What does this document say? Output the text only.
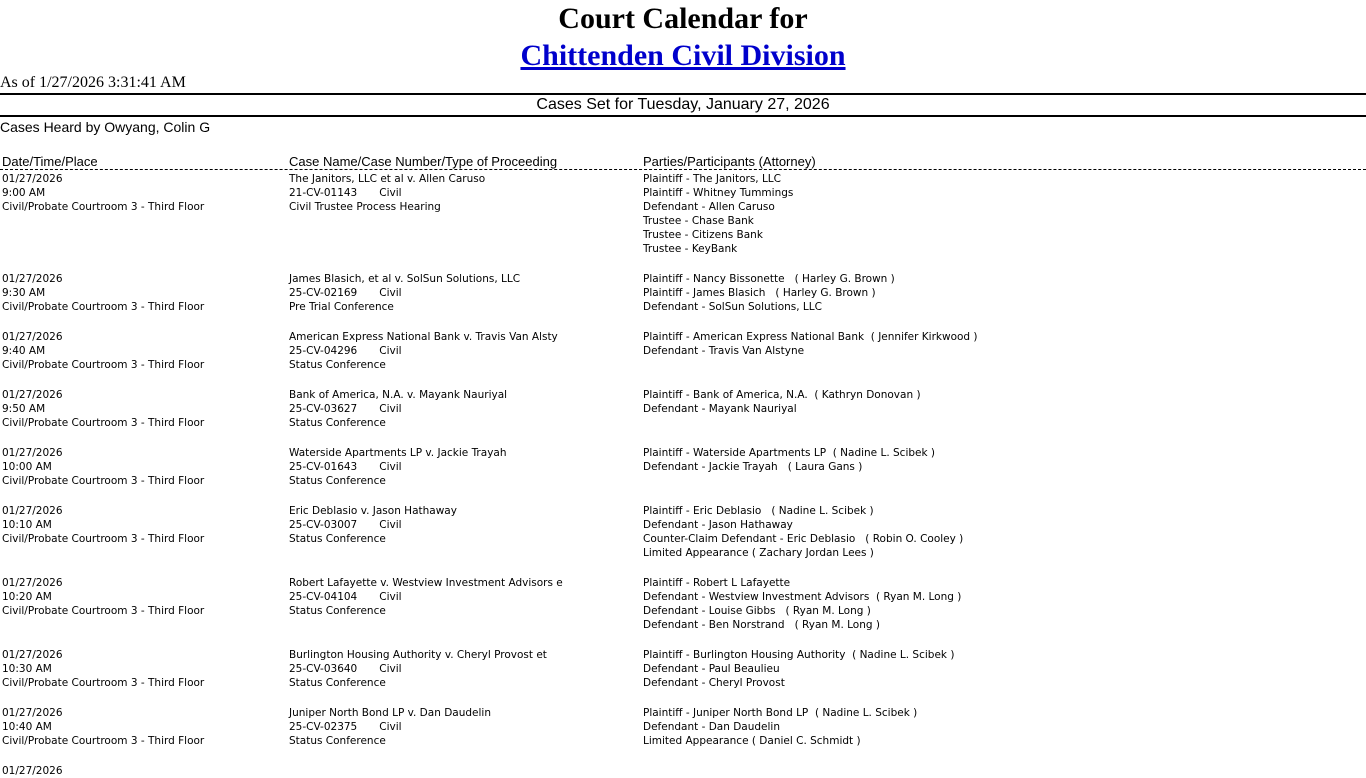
Court Calendar for
Chittenden Civil Division
As of 1/27/2026 3:31:41 AM
Cases Set for Tuesday, January 27, 2026
Cases Heard by Owyang, Colin G
Date/Time/Place	Case Name/Case Number/Type of Proceeding	Parties/Participants (Attorney)
01/27/2026
9:00 AM
Civil/Probate Courtroom 3 - Third Floor
The Janitors, LLC et al v. Allen Caruso
21-CV-01143 Civil
Civil Trustee Process Hearing
Plaintiff - The Janitors, LLC
Plaintiff - Whitney Tummings
Defendant - Allen Caruso
Trustee - Chase Bank
Trustee - Citizens Bank
Trustee - KeyBank
01/27/2026
9:30 AM
Civil/Probate Courtroom 3 - Third Floor
James Blasich, et al v. SolSun Solutions, LLC
25-CV-02169 Civil
Pre Trial Conference
Plaintiff - Nancy Bissonette   ( Harley G. Brown )
Plaintiff - James Blasich   ( Harley G. Brown )
Defendant - SolSun Solutions, LLC
01/27/2026
9:40 AM
Civil/Probate Courtroom 3 - Third Floor
American Express National Bank v. Travis Van Alsty
25-CV-04296 Civil
Status Conference
Plaintiff - American Express National Bank  ( Jennifer Kirkwood )
Defendant - Travis Van Alstyne
01/27/2026
9:50 AM
Civil/Probate Courtroom 3 - Third Floor
Bank of America, N.A. v. Mayank Nauriyal
25-CV-03627 Civil
Status Conference
Plaintiff - Bank of America, N.A.  ( Kathryn Donovan )
Defendant - Mayank Nauriyal
01/27/2026
10:00 AM
Civil/Probate Courtroom 3 - Third Floor
Waterside Apartments LP v. Jackie Trayah
25-CV-01643 Civil
Status Conference
Plaintiff - Waterside Apartments LP  ( Nadine L. Scibek )
Defendant - Jackie Trayah   ( Laura Gans )
01/27/2026
10:10 AM
Civil/Probate Courtroom 3 - Third Floor
Eric Deblasio v. Jason Hathaway
25-CV-03007 Civil
Status Conference
Plaintiff - Eric Deblasio   ( Nadine L. Scibek )
Defendant - Jason Hathaway
Counter-Claim Defendant - Eric Deblasio   ( Robin O. Cooley )
Limited Appearance ( Zachary Jordan Lees )
01/27/2026
10:20 AM
Civil/Probate Courtroom 3 - Third Floor
Robert Lafayette v. Westview Investment Advisors e
25-CV-04104 Civil
Status Conference
Plaintiff - Robert L Lafayette
Defendant - Westview Investment Advisors  ( Ryan M. Long )
Defendant - Louise Gibbs   ( Ryan M. Long )
Defendant - Ben Norstrand   ( Ryan M. Long )
01/27/2026
10:30 AM
Civil/Probate Courtroom 3 - Third Floor
Burlington Housing Authority v. Cheryl Provost et
25-CV-03640 Civil
Status Conference
Plaintiff - Burlington Housing Authority  ( Nadine L. Scibek )
Defendant - Paul Beaulieu
Defendant - Cheryl Provost
01/27/2026
10:40 AM
Civil/Probate Courtroom 3 - Third Floor
Juniper North Bond LP v. Dan Daudelin
25-CV-02375 Civil
Status Conference
Plaintiff - Juniper North Bond LP  ( Nadine L. Scibek )
Defendant - Dan Daudelin
Limited Appearance ( Daniel C. Schmidt )
01/27/2026
